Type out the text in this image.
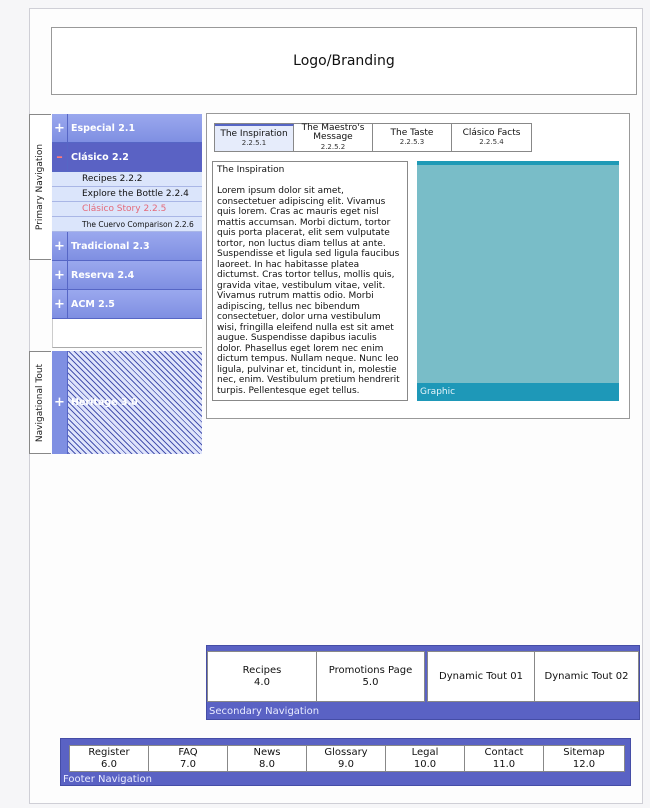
Logo/Branding
Primary Navigation
Navigational Tout
+ Especial 2.1
– Clásico 2.2
Recipes 2.2.2
Explore the Bottle 2.2.4
Clásico Story 2.2.5
The Cuervo Comparison 2.2.6
+ Tradicional 2.3
+ Reserva 2.4
+ ACM 2.5
+ Heritage 3.0
The Inspiration
2.2.5.1
The Maestro's Message
2.2.5.2
The Taste
2.2.5.3
Clásico Facts
2.2.5.4
The Inspiration

Lorem ipsum dolor sit amet, consectetuer adipiscing elit. Vivamus quis lorem. Cras ac mauris eget nisl mattis accumsan. Morbi dictum, tortor quis porta placerat, elit sem vulputate tortor, non luctus diam tellus at ante. Suspendisse et ligula sed ligula faucibus laoreet. In hac habitasse platea dictumst. Cras tortor tellus, mollis quis, gravida vitae, vestibulum vitae, velit. Vivamus rutrum mattis odio. Morbi adipiscing, tellus nec bibendum consectetuer, dolor urna vestibulum wisi, fringilla eleifend nulla est sit amet augue. Suspendisse dapibus iaculis dolor. Phasellus eget lorem nec enim dictum tempus. Nullam neque. Nunc leo ligula, pulvinar et, tincidunt in, molestie nec, enim. Vestibulum pretium hendrerit turpis. Pellentesque eget tellus.	Graphic
Recipes
4.0
Promotions Page
5.0
Dynamic Tout 01 Dynamic Tout 02
Secondary Navigation
Register
6.0
FAQ
7.0
News
8.0
Glossary
9.0
Legal
10.0
Contact
11.0
Sitemap
12.0
Footer Navigation
